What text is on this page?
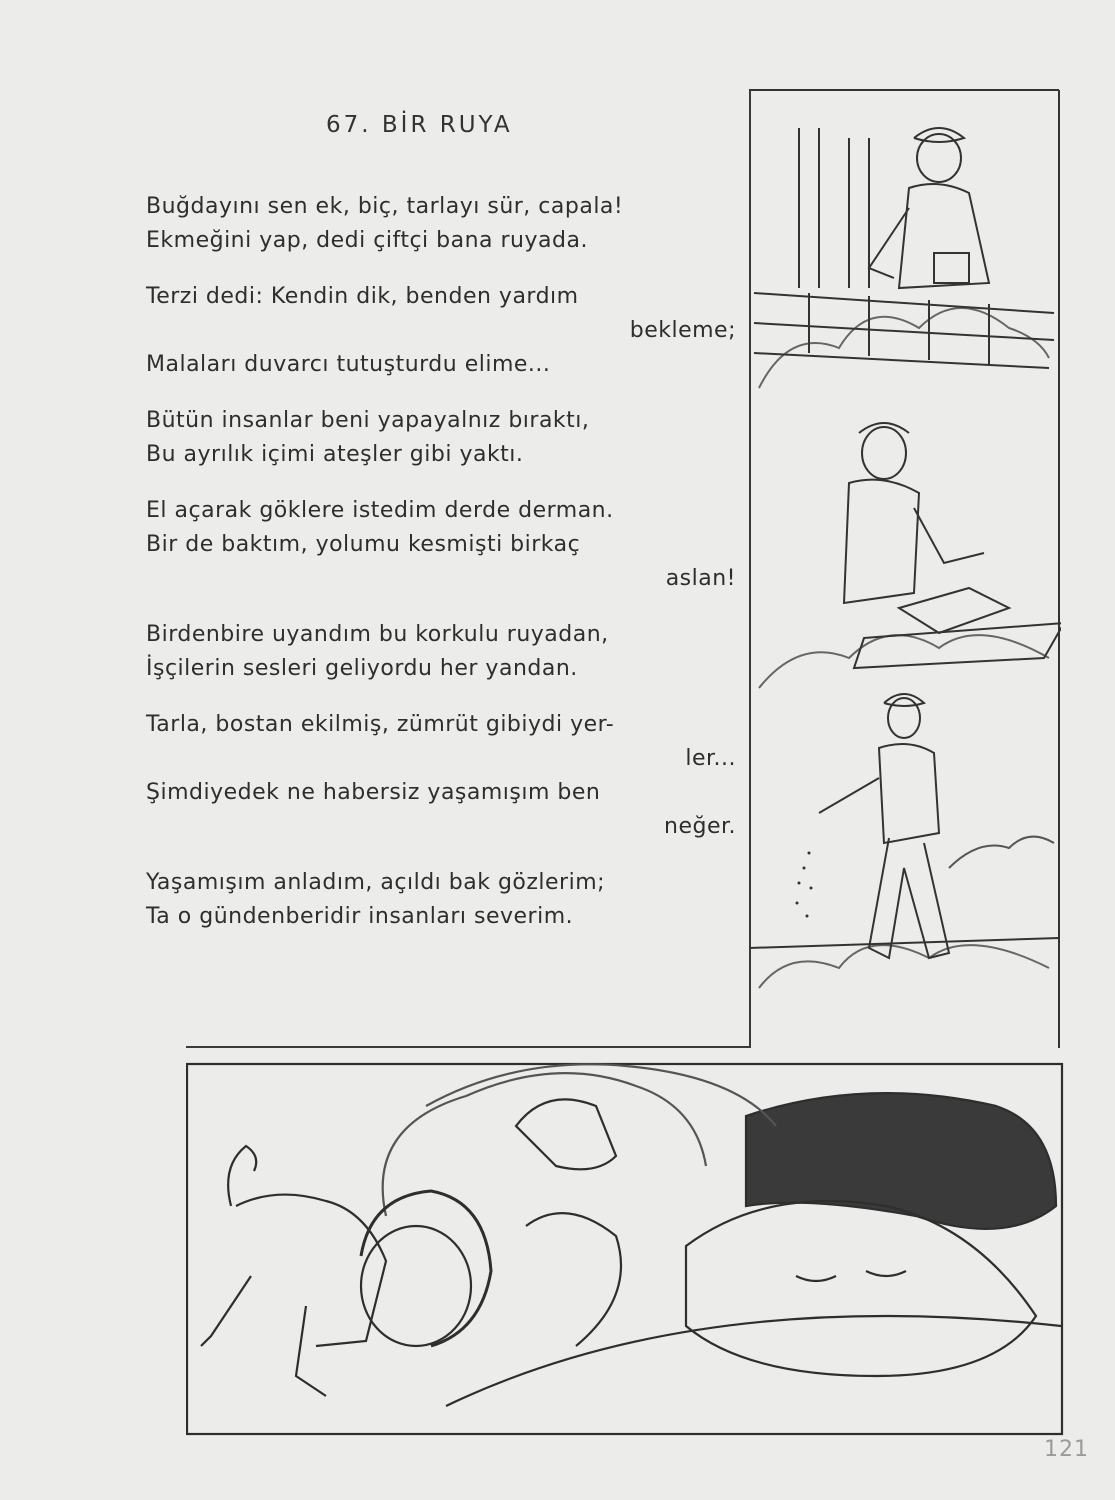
67. BİR RUYA
Buğdayını sen ek, biç, tarlayı sür, capala!
Ekmeğini yap, dedi çiftçi bana ruyada.
Terzi dedi: Kendin dik, benden yardım
bekleme;
Malaları duvarcı tutuşturdu elime...
Bütün insanlar beni yapayalnız bıraktı,
Bu ayrılık içimi ateşler gibi yaktı.
El açarak göklere istedim derde derman.
Bir de baktım, yolumu kesmişti birkaç
aslan!
Birdenbire uyandım bu korkulu ruyadan,
İşçilerin sesleri geliyordu her yandan.
Tarla, bostan ekilmiş, zümrüt gibiydi yer-
ler...
Şimdiyedek ne habersiz yaşamışım ben
neğer.
Yaşamışım anladım, açıldı bak gözlerim;
Ta o gündenberidir insanları severim.
121
